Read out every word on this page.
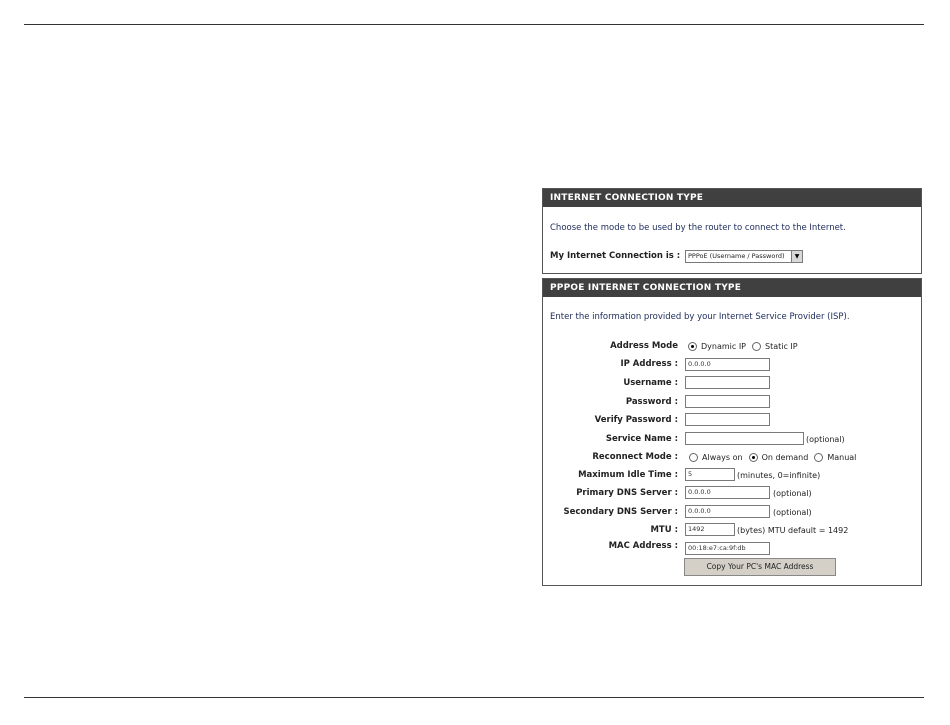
INTERNET CONNECTION TYPE
Choose the mode to be used by the router to connect to the Internet.
My Internet Connection is :	PPPoE (Username / Password)	▼
PPPOE INTERNET CONNECTION TYPE
Enter the information provided by your Internet Service Provider (ISP).
Address Mode	Dynamic IP Static IP
IP Address :	0.0.0.0
Username :
Password :
Verify Password :
Service Name :	(optional)
Reconnect Mode :	Always on On demand Manual
Maximum Idle Time :	5	(minutes, 0=infinite)
Primary DNS Server :	0.0.0.0	(optional)
Secondary DNS Server :	0.0.0.0	(optional)
MTU :	1492	(bytes) MTU default = 1492
MAC Address :	00:18:e7:ca:9f:db
Copy Your PC's MAC Address
